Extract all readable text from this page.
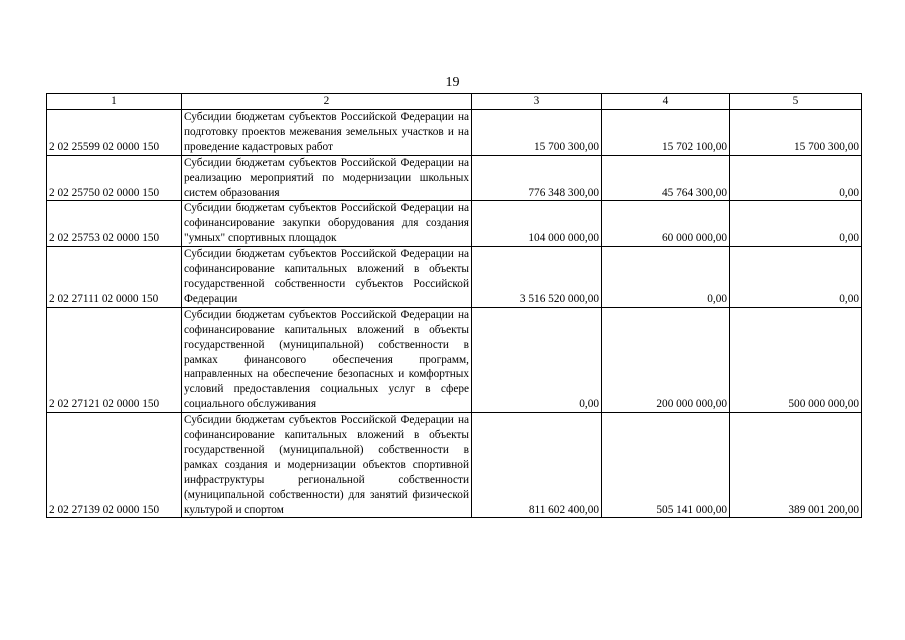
19
1	2	3	4	5
2 02 25599 02 0000 150	Субсидии бюджетам субъектов Российской Федерации на подготовку проектов межевания земельных участков и на проведение кадастровых работ	15 700 300,00	15 702 100,00	15 700 300,00
2 02 25750 02 0000 150	Субсидии бюджетам субъектов Российской Федерации на реализацию мероприятий по модернизации школьных систем образования	776 348 300,00	45 764 300,00	0,00
2 02 25753 02 0000 150	Субсидии бюджетам субъектов Российской Федерации на софинансирование закупки оборудования для создания "умных" спортивных площадок	104 000 000,00	60 000 000,00	0,00
2 02 27111 02 0000 150	Субсидии бюджетам субъектов Российской Федерации на софинансирование капитальных вложений в объекты государственной собственности субъектов Российской Федерации	3 516 520 000,00	0,00	0,00
2 02 27121 02 0000 150	Субсидии бюджетам субъектов Российской Федерации на софинансирование капитальных вложений в объекты государственной (муниципальной) собственности в рамках финансового обеспечения программ, направленных на обеспечение безопасных и комфортных условий предоставления социальных услуг в сфере социального обслуживания	0,00	200 000 000,00	500 000 000,00
2 02 27139 02 0000 150	Субсидии бюджетам субъектов Российской Федерации на софинансирование капитальных вложений в объекты государственной (муниципальной) собственности в рамках создания и модернизации объектов спортивной инфраструктуры региональной собственности (муниципальной собственности) для занятий физической культурой и спортом	811 602 400,00	505 141 000,00	389 001 200,00
